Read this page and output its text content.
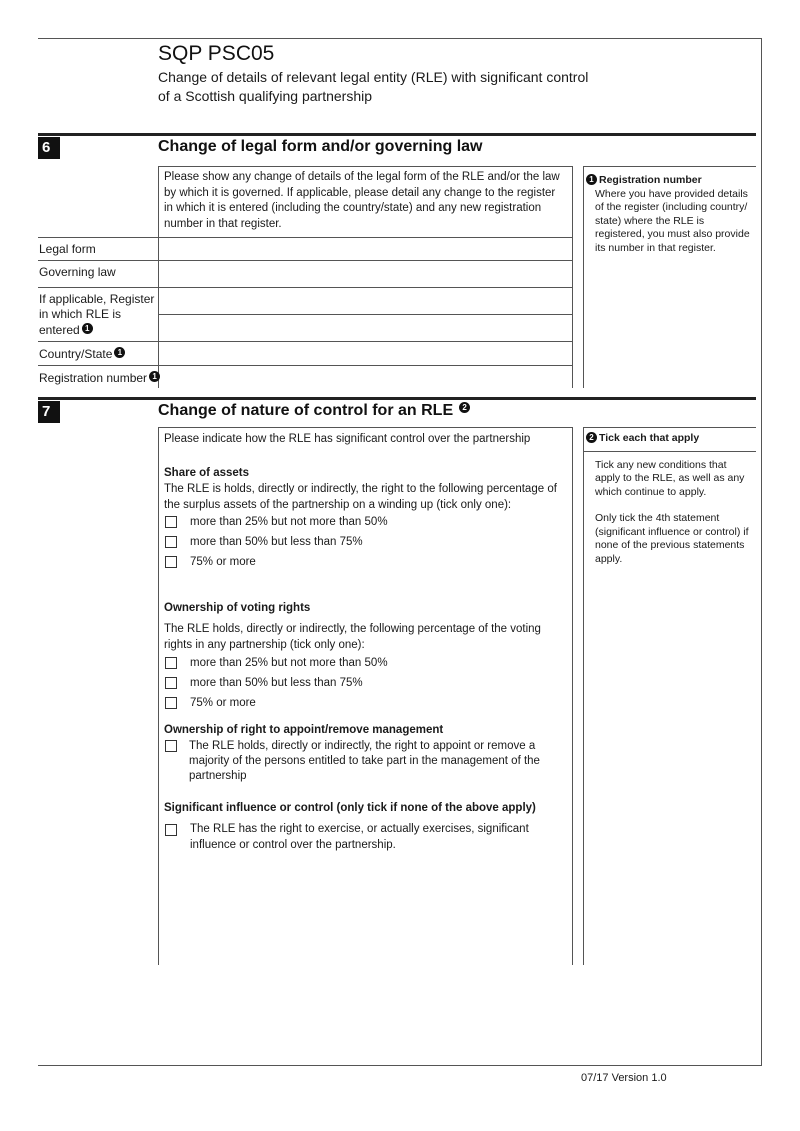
SQP PSC05
Change of details of relevant legal entity (RLE) with significant control
of a Scottish qualifying partnership
6	Change of legal form and/or governing law
Please show any change of details of the legal form of the RLE and/or the law by which it is governed. If applicable, please detail any change to the register in which it is entered (including the country/state) and any new registration number in that register.
Legal form
Governing law
If applicable, Register
in which RLE is
entered 1
Country/State 1
Registration number 1
1 Registration number
Where you have provided details of the register (including country/ state) where the RLE is registered, you must also provide its number in that register.
7	Change of nature of control for an RLE 2
Please indicate how the RLE has significant control over the partnership
Share of assets
The RLE is holds, directly or indirectly, the right to the following percentage of the surplus assets of the partnership on a winding up (tick only one):
more than 25% but not more than 50%
more than 50% but less than 75%
75% or more
Ownership of voting rights
The RLE holds, directly or indirectly, the following percentage of the voting rights in any partnership (tick only one):
more than 25% but not more than 50%
more than 50% but less than 75%
75% or more
Ownership of right to appoint/remove management
The RLE holds, directly or indirectly, the right to appoint or remove a majority of the persons entitled to take part in the management of the partnership
Significant influence or control (only tick if none of the above apply)
The RLE has the right to exercise, or actually exercises, significant influence or control over the partnership.
2 Tick each that apply
Tick any new conditions that apply to the RLE, as well as any which continue to apply.
Only tick the 4th statement (significant influence or control) if none of the previous statements apply.
07/17 Version 1.0
